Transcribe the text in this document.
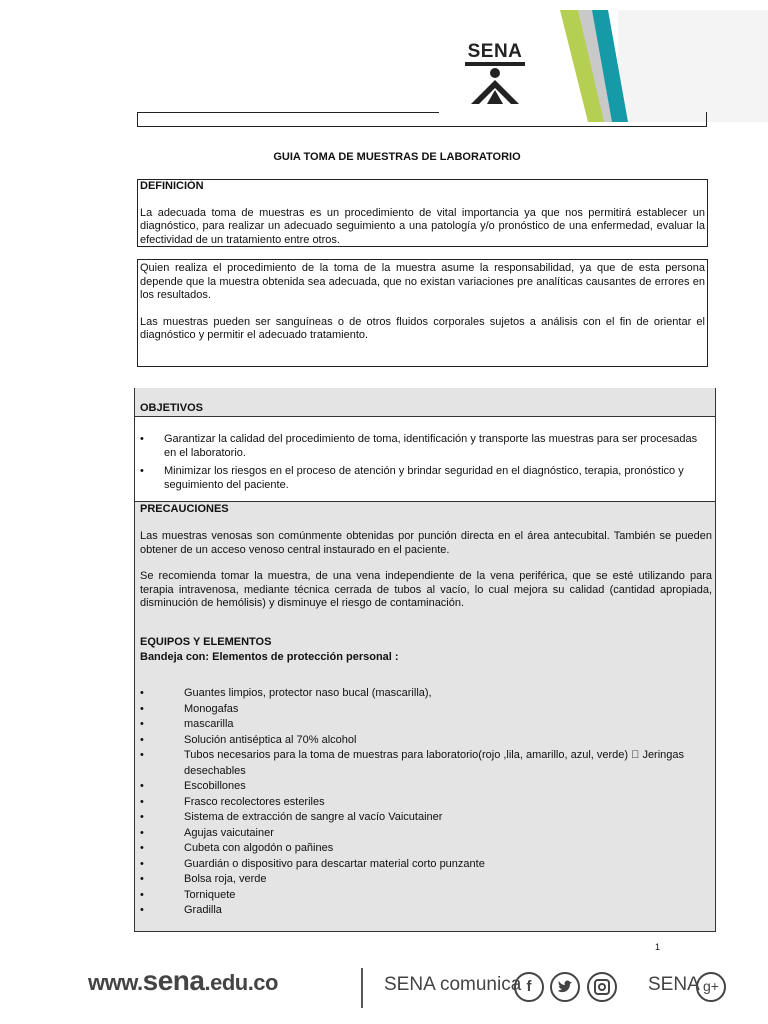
SENA
GUIA TOMA DE MUESTRAS DE LABORATORIO

DEFINICIÓN

La adecuada toma de muestras es un procedimiento de vital importancia ya que nos permitirá establecer un diagnóstico, para realizar un adecuado seguimiento a una patología y/o pronóstico de una enfermedad, evaluar la efectividad de un tratamiento entre otros.

Quien realiza el procedimiento de la toma de la muestra asume la responsabilidad, ya que de esta persona depende que la muestra obtenida sea adecuada, que no existan variaciones pre analíticas causantes de errores en los resultados.

Las muestras pueden ser sanguíneas o de otros fluidos corporales sujetos a análisis con el fin de orientar el diagnóstico y permitir el adecuado tratamiento.

OBJETIVOS
• Garantizar la calidad del procedimiento de toma, identificación y transporte las muestras para ser procesadas en el laboratorio.
• Minimizar los riesgos en el proceso de atención y brindar seguridad en el diagnóstico, terapia, pronóstico y seguimiento del paciente.
PRECAUCIONES

Las muestras venosas son comúnmente obtenidas por punción directa en el área antecubital. También se pueden obtener de un acceso venoso central instaurado en el paciente.

Se recomienda tomar la muestra, de una vena independiente de la vena periférica, que se esté utilizando para terapia intravenosa, mediante técnica cerrada de tubos al vacío, lo cual mejora su calidad (cantidad apropiada, disminución de hemólisis) y disminuye el riesgo de contaminación.

EQUIPOS Y ELEMENTOS
Bandeja con: Elementos de protección personal :
•	Guantes limpios, protector naso bucal (mascarilla),
•	Monogafas
•	mascarilla
•	Solución antiséptica al 70% alcohol
•	Tubos necesarios para la toma de muestras para laboratorio(rojo ,lila, amarillo, azul, verde) Jeringas desechables
•	Escobillones
•	Frasco recolectores esteriles
•	Sistema de extracción de sangre al vacío Vaicutainer
•	Agujas vaicutainer
•	Cubeta con algodón o pañines
•	Guardián o dispositivo para descartar material corto punzante
•	Bolsa roja, verde
•	Torniquete
•	Gradilla
1
www.sena.edu.co	SENA comunica f	SENA g+
